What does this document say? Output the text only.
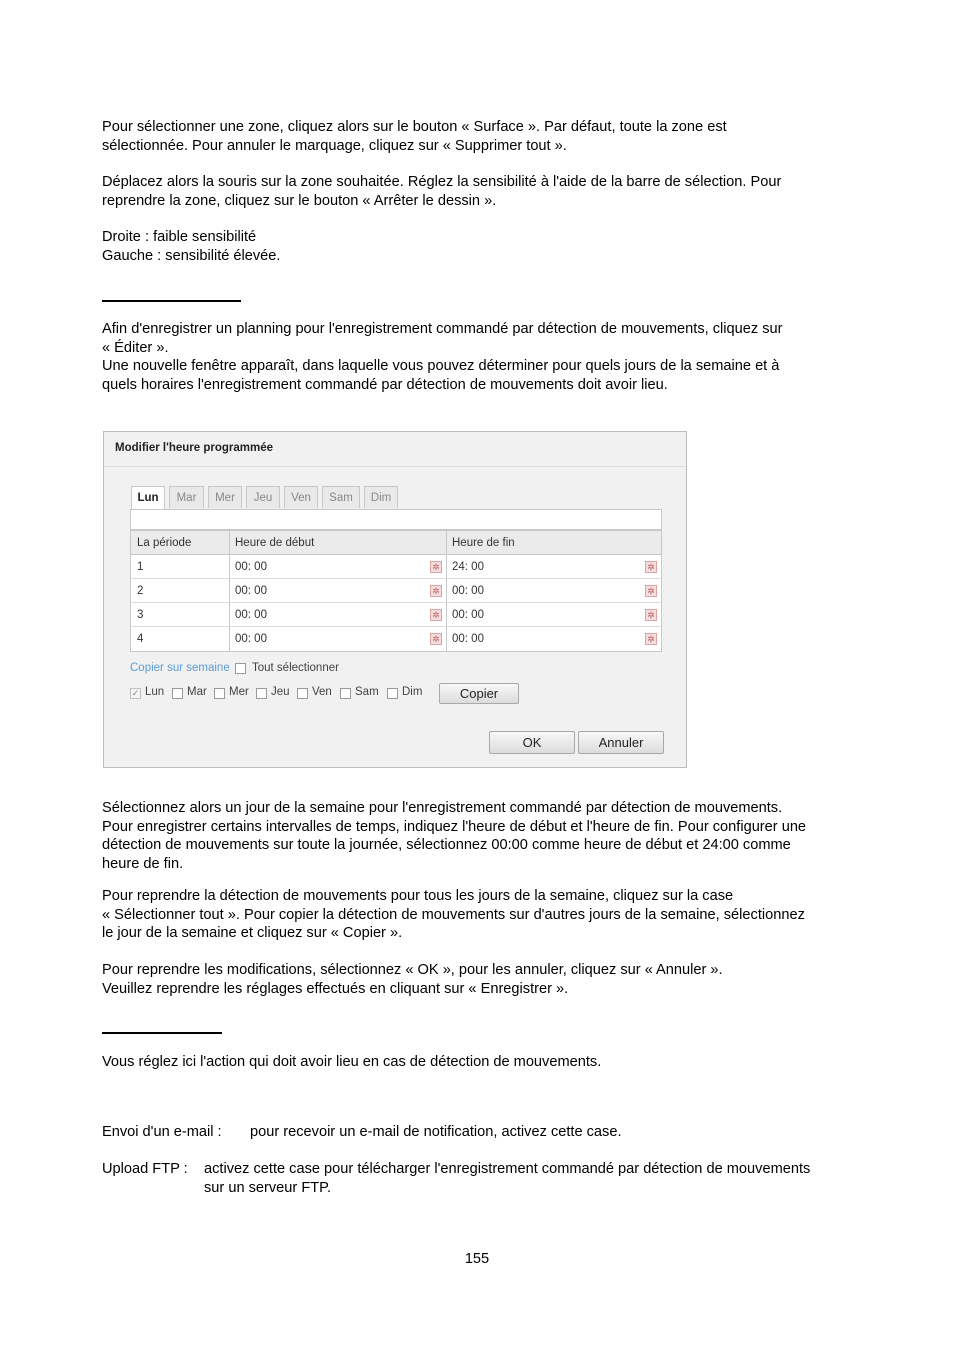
Pour sélectionner une zone, cliquez alors sur le bouton « Surface ». Par défaut, toute la zone est
sélectionnée. Pour annuler le marquage, cliquez sur « Supprimer tout ».

Déplacez alors la souris sur la zone souhaitée. Réglez la sensibilité à l'aide de la barre de sélection. Pour
reprendre la zone, cliquez sur le bouton « Arrêter le dessin ».

Droite : faible sensibilité
Gauche : sensibilité élevée.

Afin d'enregistrer un planning pour l'enregistrement commandé par détection de mouvements, cliquez sur
« Éditer ».
Une nouvelle fenêtre apparaît, dans laquelle vous pouvez déterminer pour quels jours de la semaine et à
quels horaires l'enregistrement commandé par détection de mouvements doit avoir lieu.

Modifier l'heure programmée
Lun	Mar	Mer	Jeu	Ven	Sam	Dim
La période	Heure de début	Heure de fin
1	00: 00	24: 00
✲	✲
2	00: 00	00: 00
✲	✲
3	00: 00	00: 00
✲	✲
4	00: 00	00: 00
✲	✲
Copier sur semaine Tout sélectionner
✓ Lun Mar Mer Jeu Ven Sam Dim	Copier
OK	Annuler

Sélectionnez alors un jour de la semaine pour l'enregistrement commandé par détection de mouvements.
Pour enregistrer certains intervalles de temps, indiquez l'heure de début et l'heure de fin. Pour configurer une
détection de mouvements sur toute la journée, sélectionnez 00:00 comme heure de début et 24:00 comme
heure de fin.

Pour reprendre la détection de mouvements pour tous les jours de la semaine, cliquez sur la case
« Sélectionner tout ». Pour copier la détection de mouvements sur d'autres jours de la semaine, sélectionnez
le jour de la semaine et cliquez sur « Copier ».

Pour reprendre les modifications, sélectionnez « OK », pour les annuler, cliquez sur « Annuler ».
Veuillez reprendre les réglages effectués en cliquant sur « Enregistrer ».

Vous réglez ici l'action qui doit avoir lieu en cas de détection de mouvements.

Envoi d'un e-mail : pour recevoir un e-mail de notification, activez cette case.
Upload FTP : activez cette case pour télécharger l'enregistrement commandé par détection de mouvements
sur un serveur FTP.
155
